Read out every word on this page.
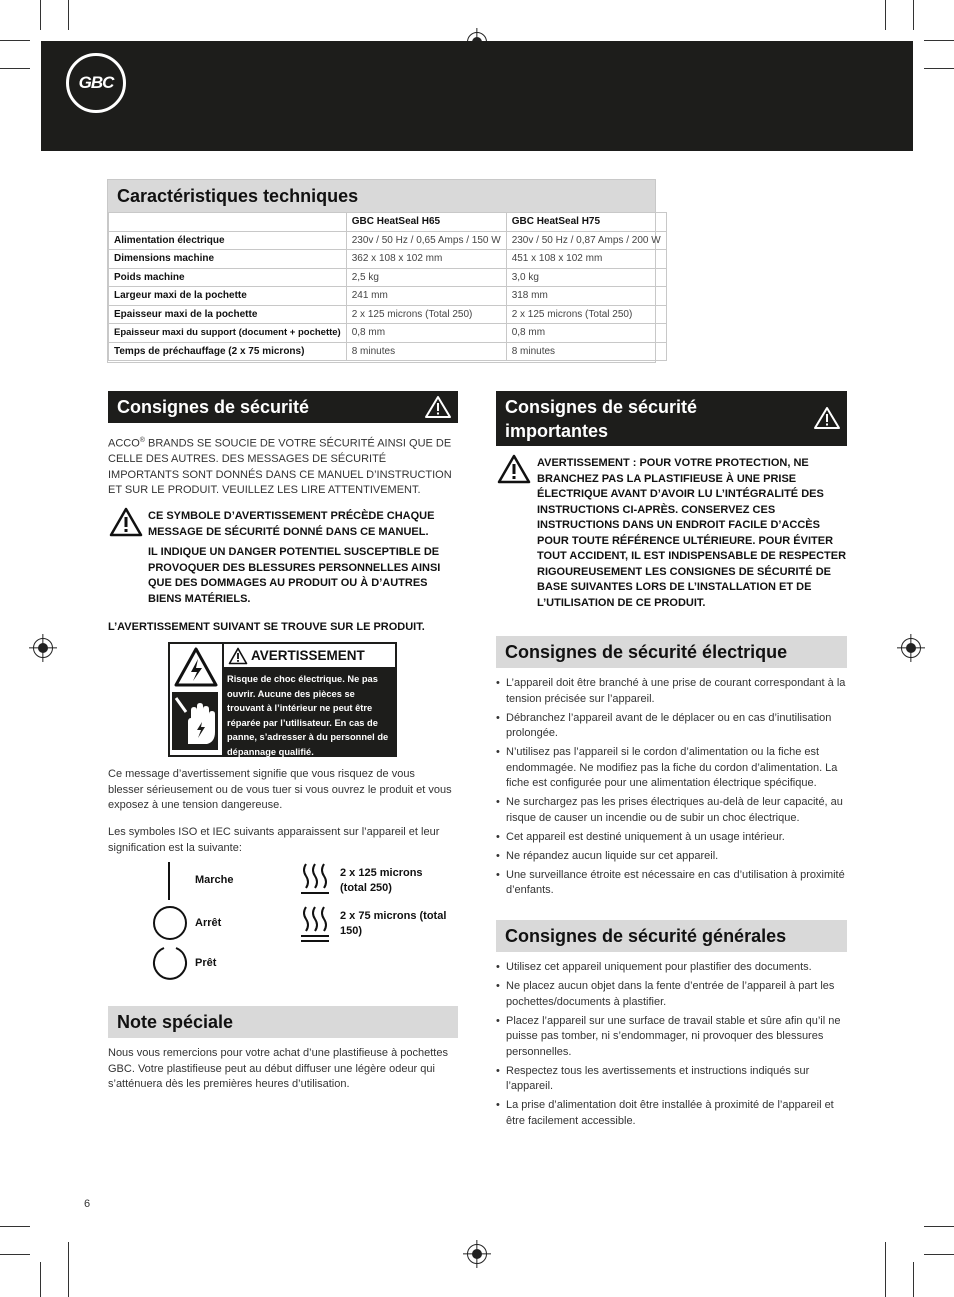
GBC
Caractéristiques techniques
	GBC HeatSeal H65	GBC HeatSeal H75
Alimentation électrique	230v / 50 Hz / 0,65 Amps / 150 W	230v / 50 Hz / 0,87 Amps / 200 W
Dimensions machine	362 x 108 x 102 mm	451 x 108 x 102 mm
Poids machine	2,5 kg	3,0 kg
Largeur maxi de la pochette	241 mm	318 mm
Epaisseur maxi de la pochette	2 x 125 microns (Total 250)	2 x 125 microns (Total 250)
Epaisseur maxi du support (document + pochette)	0,8 mm	0,8 mm
Temps de préchauffage (2 x 75 microns)	8 minutes	8 minutes
Consignes de sécurité
ACCO® BRANDS SE SOUCIE DE VOTRE SÉCURITÉ AINSI QUE DE CELLE DES AUTRES. DES MESSAGES DE SÉCURITÉ IMPORTANTS SONT DONNÉS DANS CE MANUEL D’INSTRUCTION ET SUR LE PRODUIT. VEUILLEZ LES LIRE ATTENTIVEMENT.
CE SYMBOLE D’AVERTISSEMENT PRÉCÈDE CHAQUE MESSAGE DE SÉCURITÉ DONNÉ DANS CE MANUEL.
IL INDIQUE UN DANGER POTENTIEL SUSCEPTIBLE DE PROVOQUER DES BLESSURES PERSONNELLES AINSI QUE DES DOMMAGES AU PRODUIT OU À D’AUTRES BIENS MATÉRIELS.
L’AVERTISSEMENT SUIVANT SE TROUVE SUR LE PRODUIT.
AVERTISSEMENT
Risque de choc électrique. Ne pas ouvrir. Aucune des pièces se trouvant à l’intérieur ne peut être réparée par l’utilisateur. En cas de panne, s’adresser à du personnel de dépannage qualifié.
Ce message d’avertissement signifie que vous risquez de vous blesser sérieusement ou de vous tuer si vous ouvrez le produit et vous exposez à une tension dangereuse.
Les symboles ISO et IEC suivants apparaissent sur l’appareil et leur signification est la suivante:
Marche
Arrêt
Prêt
2 x 125 microns (total 250)
2 x 75 microns (total 150)
Note spéciale
Nous vous remercions pour votre achat d’une plastifieuse à pochettes GBC. Votre plastifieuse peut au début diffuser une légère odeur qui s’atténuera dès les premières heures d’utilisation.
Consignes de sécurité importantes
AVERTISSEMENT : POUR VOTRE PROTECTION, NE BRANCHEZ PAS LA PLASTIFIEUSE À UNE PRISE ÉLECTRIQUE AVANT D’AVOIR LU L’INTÉGRALITÉ DES INSTRUCTIONS CI-APRÈS. CONSERVEZ CES INSTRUCTIONS DANS UN ENDROIT FACILE D’ACCÈS POUR TOUTE RÉFÉRENCE ULTÉRIEURE. POUR ÉVITER TOUT ACCIDENT, IL EST INDISPENSABLE DE RESPECTER RIGOUREUSEMENT LES CONSIGNES DE SÉCURITÉ DE BASE SUIVANTES LORS DE L’INSTALLATION ET DE L’UTILISATION DE CE PRODUIT.
Consignes de sécurité électrique
• L’appareil doit être branché à une prise de courant correspondant à la tension précisée sur l’appareil.
• Débranchez l’appareil avant de le déplacer ou en cas d’inutilisation prolongée.
• N’utilisez pas l’appareil si le cordon d’alimentation ou la fiche est endommagée. Ne modifiez pas la fiche du cordon d’alimentation. La fiche est configurée pour une alimentation électrique spécifique.
• Ne surchargez pas les prises électriques au-delà de leur capacité, au risque de causer un incendie ou de subir un choc électrique.
• Cet appareil est destiné uniquement à un usage intérieur.
• Ne répandez aucun liquide sur cet appareil.
• Une surveillance étroite est nécessaire en cas d’utilisation à proximité d’enfants.
Consignes de sécurité générales
• Utilisez cet appareil uniquement pour plastifier des documents.
• Ne placez aucun objet dans la fente d’entrée de l’appareil à part les pochettes/documents à plastifier.
• Placez l’appareil sur une surface de travail stable et sûre afin qu’il ne puisse pas tomber, ni s’endommager, ni provoquer des blessures personnelles.
• Respectez tous les avertissements et instructions indiqués sur l’appareil.
• La prise d’alimentation doit être installée à proximité de l’appareil et être facilement accessible.
6
